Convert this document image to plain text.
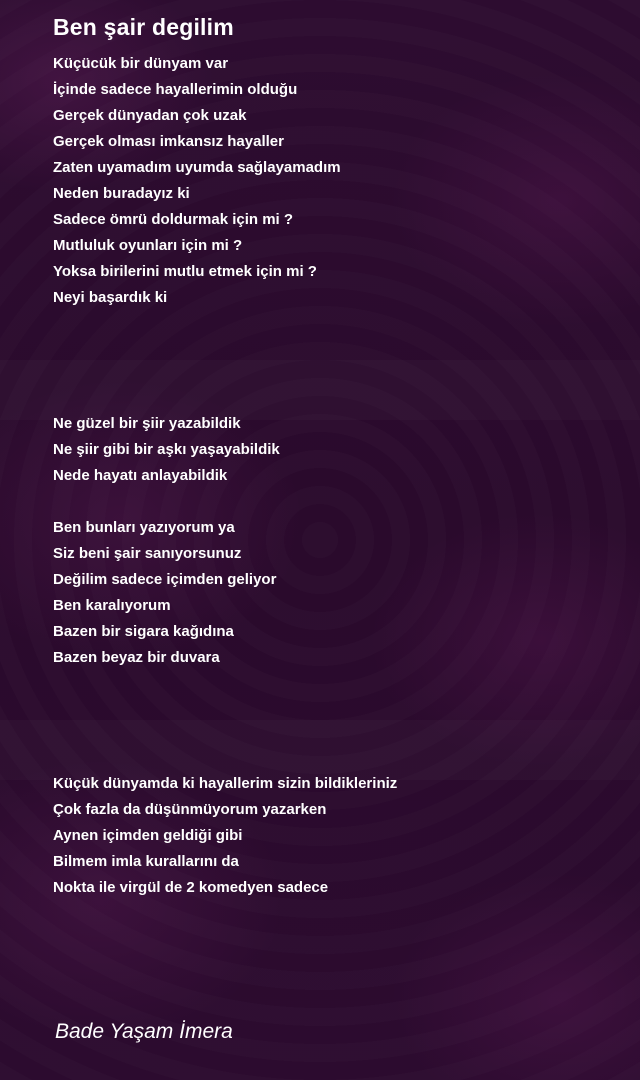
Ben şair degilim
Küçücük bir dünyam var
İçinde sadece hayallerimin olduğu
Gerçek dünyadan çok uzak
Gerçek olması imkansız hayaller
Zaten uyamadım uyumda sağlayamadım
Neden buradayız ki
Sadece ömrü doldurmak için mi ?
Mutluluk oyunları için mi ?
Yoksa birilerini mutlu etmek için mi ?
Neyi başardık ki
Ne güzel bir şiir yazabildik
Ne şiir gibi bir aşkı yaşayabildik
Nede hayatı anlayabildik
Ben bunları yazıyorum ya
Siz beni şair sanıyorsunuz
Değilim sadece içimden geliyor
Ben karalıyorum
Bazen bir sigara kağıdına
Bazen beyaz bir duvara
Küçük dünyamda ki hayallerim sizin bildikleriniz
Çok fazla da düşünmüyorum yazarken
Aynen içimden geldiği gibi
Bilmem imla kurallarını da
Nokta ile virgül de 2 komedyen sadece

Bade Yaşam İmera
